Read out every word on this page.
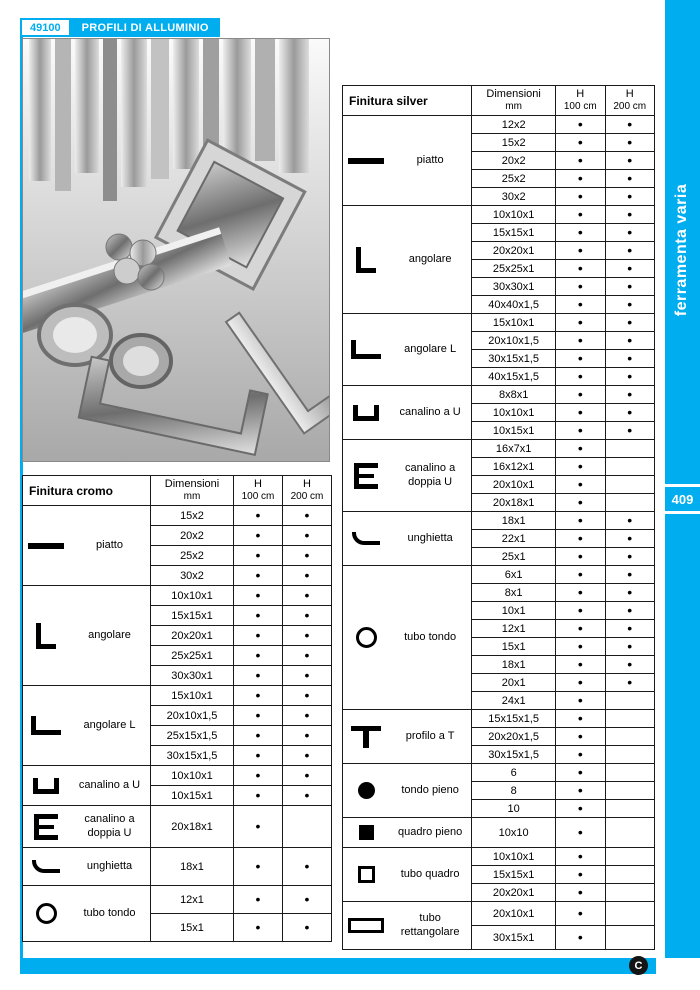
49100	PROFILI DI ALLUMINIO
Finitura cromo	Dimensioni
mm

H
100 cm

H
200 cm

piatto	15x2	•	•
	20x2	•	•
	25x2	•	•
	30x2	•	•

angolare	10x10x1	•	•
	15x15x1	•	•
	20x20x1	•	•
	25x25x1	•	•
	30x30x1	•	•

angolare L	15x10x1	•	•
	20x10x1,5	•	•
	25x15x1,5	•	•
	30x15x1,5	•	•

canalino a U	10x10x1	•	•
	10x15x1	•	•

canalino a doppia U	20x18x1	•	

unghietta	18x1	•	•

tubo tondo	12x1	•	•
	15x1	•	•
Finitura silver	Dimensioni
mm

H
100 cm

H
200 cm

piatto	12x2	•	•
	15x2	•	•
	20x2	•	•
	25x2	•	•
	30x2	•	•

angolare	10x10x1	•	•
	15x15x1	•	•
	20x20x1	•	•
	25x25x1	•	•
	30x30x1	•	•
	40x40x1,5	•	•

angolare L	15x10x1	•	•
	20x10x1,5	•	•
	30x15x1,5	•	•
	40x15x1,5	•	•

canalino a U	8x8x1	•	•
	10x10x1	•	•
	10x15x1	•	•

canalino a doppia U	16x7x1	•	
	16x12x1	•	
	20x10x1	•	
	20x18x1	•	

unghietta	18x1	•	•
	22x1	•	•
	25x1	•	•

tubo tondo	6x1	•	•
	8x1	•	•
	10x1	•	•
	12x1	•	•
	15x1	•	•
	18x1	•	•
	20x1	•	•
	24x1	•	

profilo a T	15x15x1,5	•	
	20x20x1,5	•	
	30x15x1,5	•	

tondo pieno	6	•	
	8	•	
	10	•	

quadro pieno	10x10	•	

tubo quadro	10x10x1	•	
	15x15x1	•	
	20x20x1	•	

tubo rettangolare	20x10x1	•	
	30x15x1	•	
ferramenta varia
409
C
